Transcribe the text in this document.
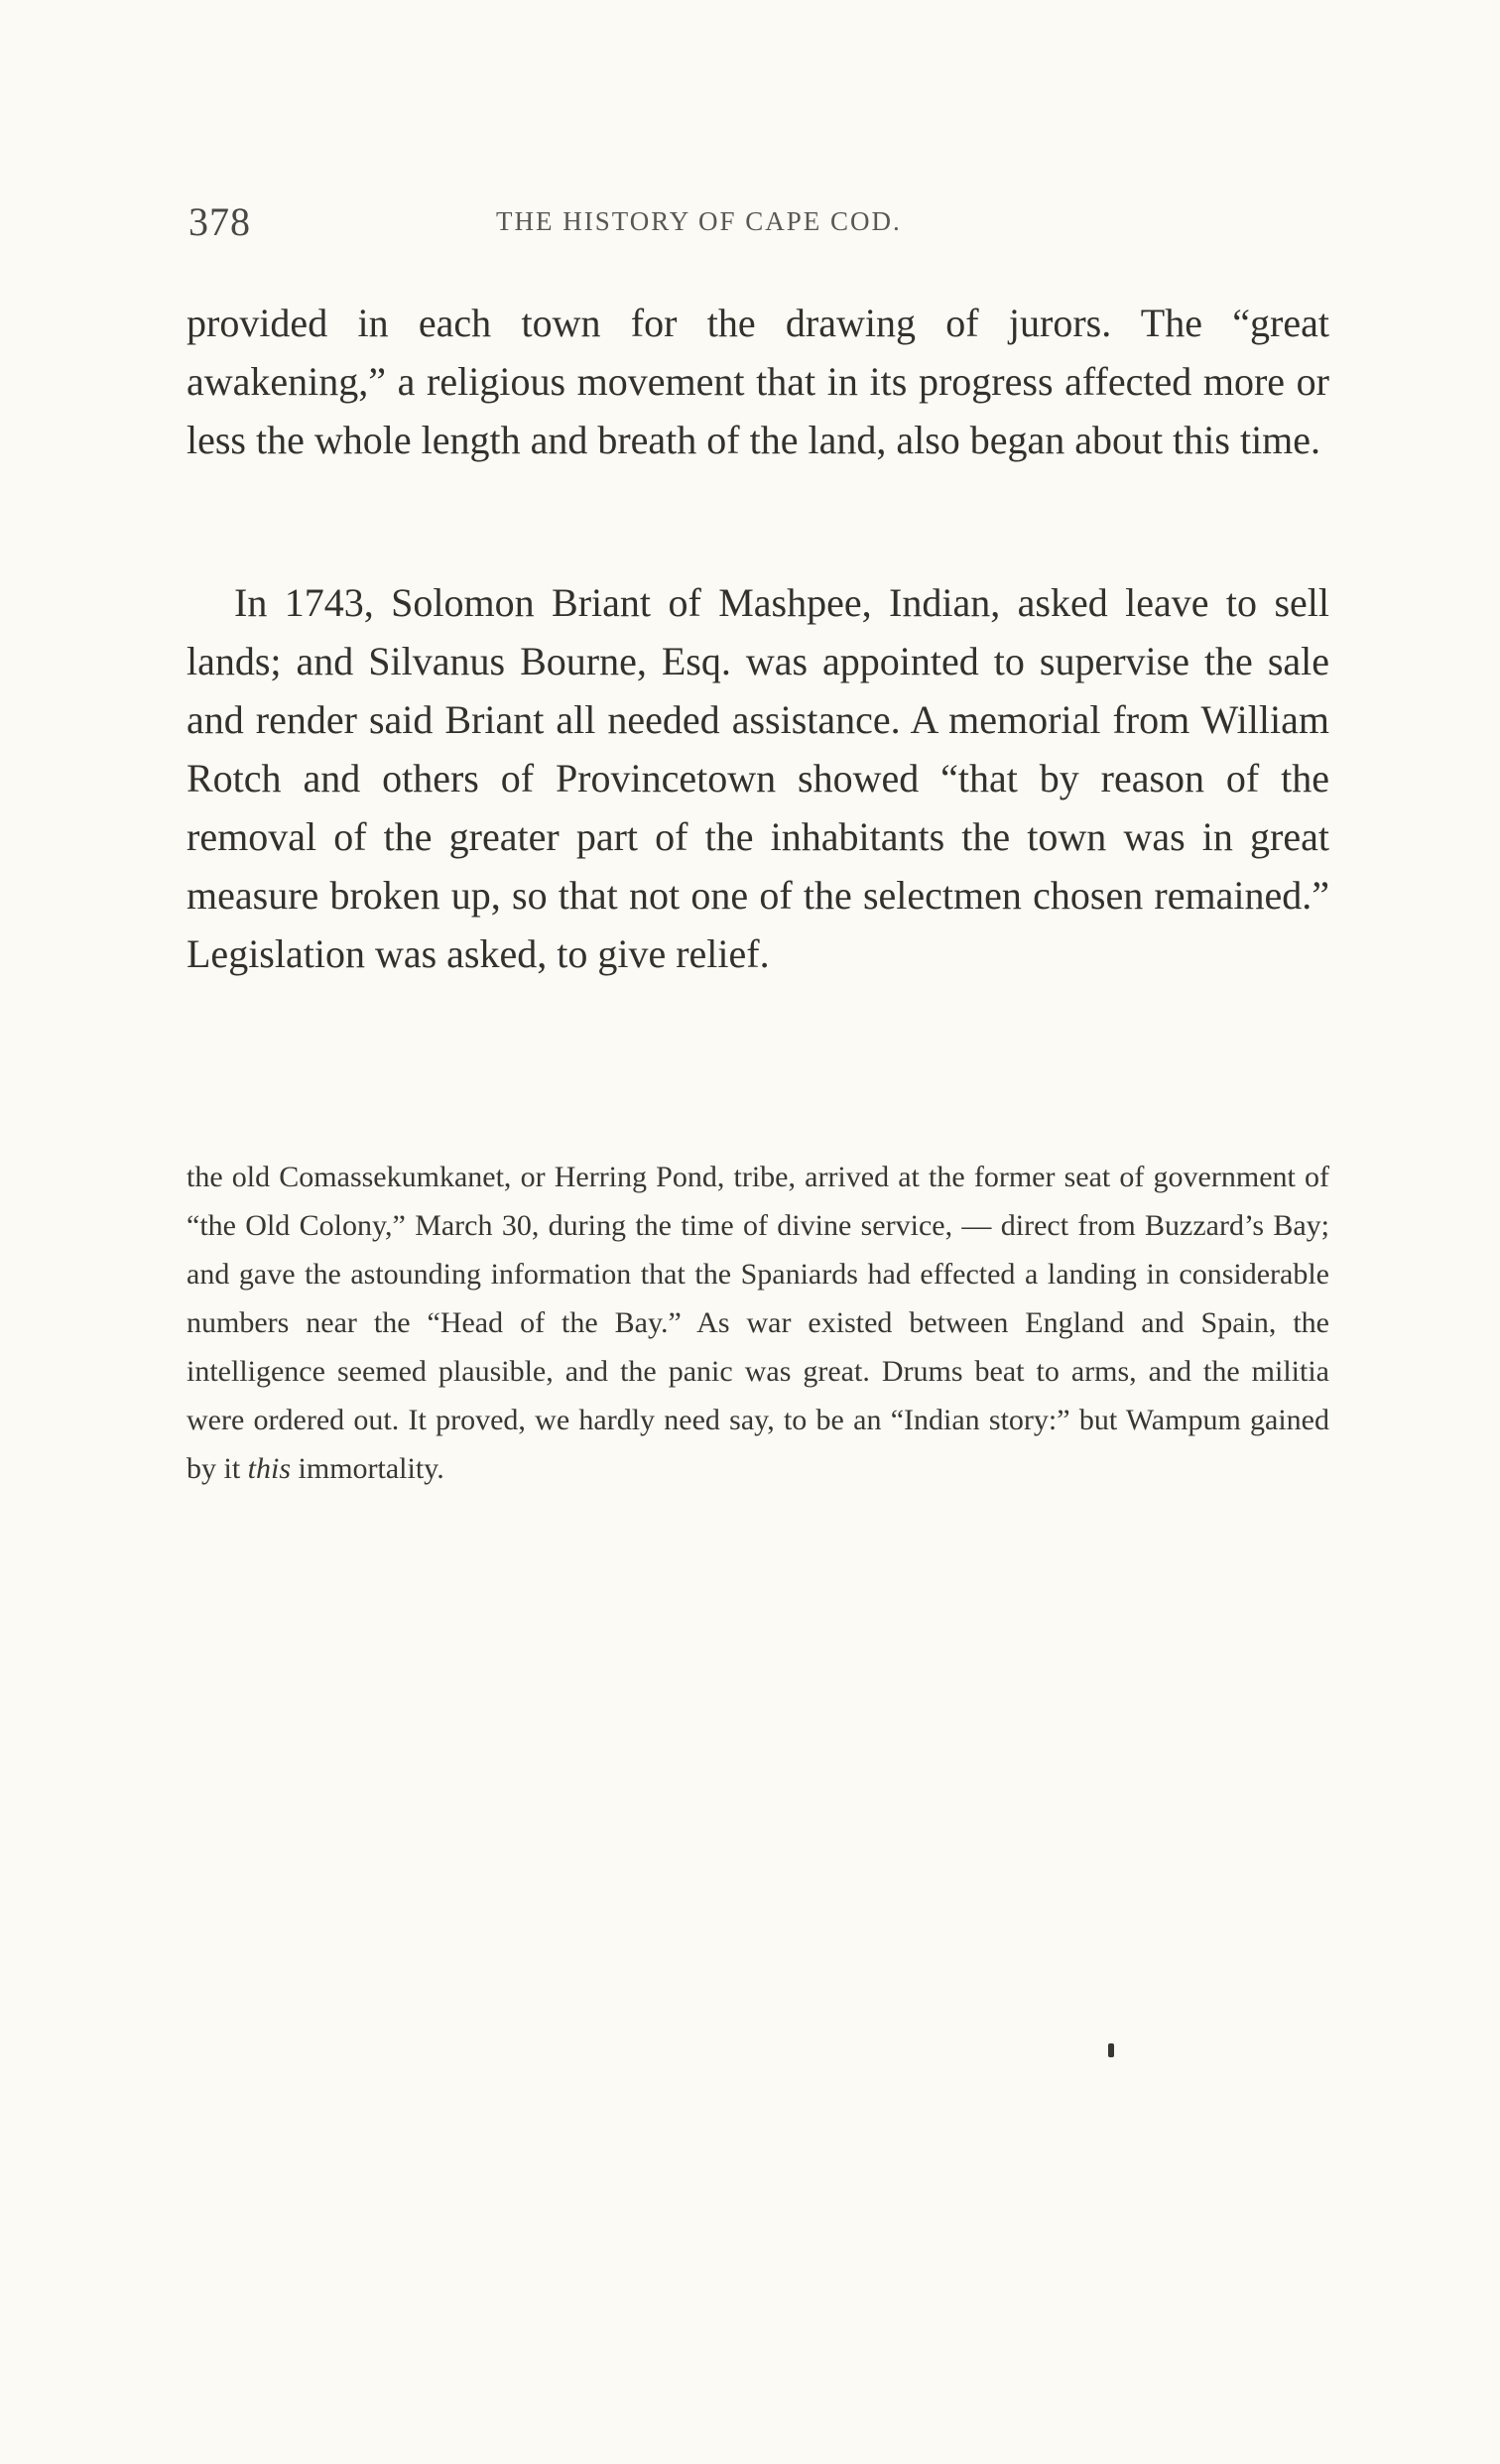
378	THE HISTORY OF CAPE COD.

provided in each town for the drawing of jurors. The “great awakening,” a religious movement that in its progress affected more or less the whole length and breath of the land, also began about this time.

In 1743, Solomon Briant of Mashpee, Indian, asked leave to sell lands; and Silvanus Bourne, Esq. was appointed to supervise the sale and render said Briant all needed assistance. A memorial from William Rotch and others of Provincetown showed “that by reason of the removal of the greater part of the inhabitants the town was in great measure broken up, so that not one of the selectmen chosen remained.” Legislation was asked, to give relief.

the old Comassekumkanet, or Herring Pond, tribe, arrived at the former seat of government of “the Old Colony,” March 30, during the time of divine service, — direct from Buzzard’s Bay; and gave the astounding information that the Spaniards had effected a landing in considerable numbers near the “Head of the Bay.” As war existed between England and Spain, the intelligence seemed plausible, and the panic was great. Drums beat to arms, and the militia were ordered out. It proved, we hardly need say, to be an “Indian story:” but Wampum gained by it this immortality.
